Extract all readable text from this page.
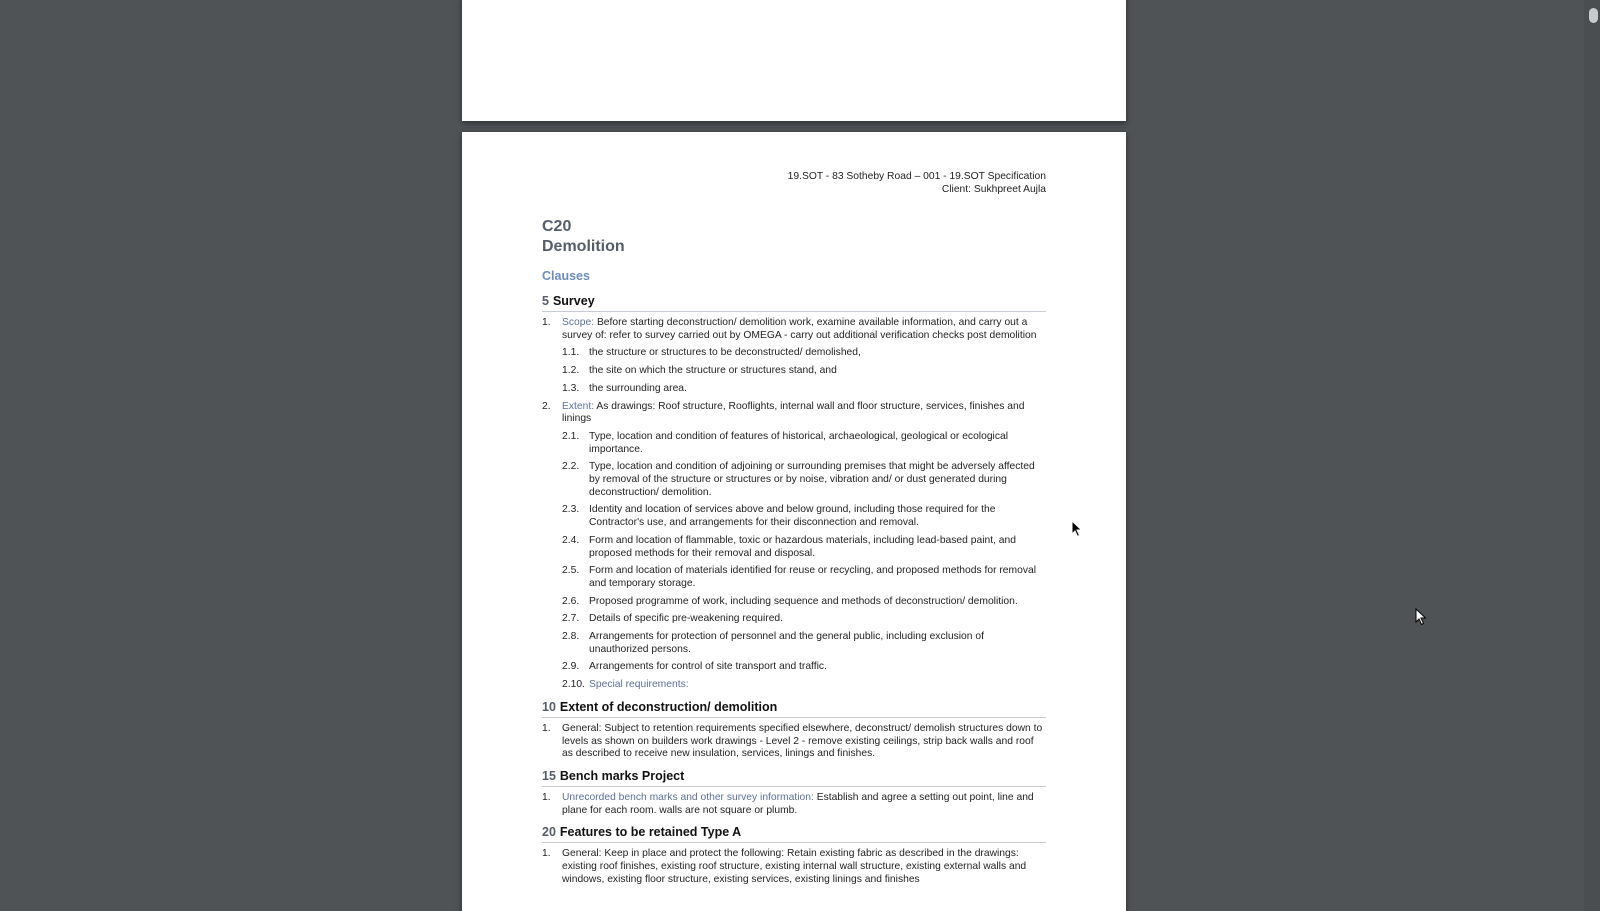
19.SOT - 83 Sotheby Road – 001 - 19.SOT Specification
Client: Sukhpreet Aujla
C20
Demolition
Clauses
5 Survey
1.	Scope: Before starting deconstruction/ demolition work, examine available information, and carry out a survey of: refer to survey carried out by OMEGA - carry out additional verification checks post demolition
1.1. the structure or structures to be deconstructed/ demolished,
1.2. the site on which the structure or structures stand, and
1.3. the surrounding area.
2.	Extent: As drawings: Roof structure, Rooflights, internal wall and floor structure, services, finishes and linings
2.1. Type, location and condition of features of historical, archaeological, geological or ecological importance.
2.2. Type, location and condition of adjoining or surrounding premises that might be adversely affected by removal of the structure or structures or by noise, vibration and/ or dust generated during deconstruction/ demolition.
2.3. Identity and location of services above and below ground, including those required for the Contractor's use, and arrangements for their disconnection and removal.
2.4. Form and location of flammable, toxic or hazardous materials, including lead-based paint, and proposed methods for their removal and disposal.
2.5. Form and location of materials identified for reuse or recycling, and proposed methods for removal and temporary storage.
2.6. Proposed programme of work, including sequence and methods of deconstruction/ demolition.
2.7. Details of specific pre-weakening required.
2.8. Arrangements for protection of personnel and the general public, including exclusion of unauthorized persons.
2.9. Arrangements for control of site transport and traffic.
2.10. Special requirements:
10 Extent of deconstruction/ demolition
1.	General: Subject to retention requirements specified elsewhere, deconstruct/ demolish structures down to levels as shown on builders work drawings - Level 2 - remove existing ceilings, strip back walls and roof as described to receive new insulation, services, linings and finishes.
15 Bench marks Project
1.	Unrecorded bench marks and other survey information: Establish and agree a setting out point, line and plane for each room. walls are not square or plumb.
20 Features to be retained Type A
1.	General: Keep in place and protect the following: Retain existing fabric as described in the drawings: existing roof finishes, existing roof structure, existing internal wall structure, existing external walls and windows, existing floor structure, existing services, existing linings and finishes
